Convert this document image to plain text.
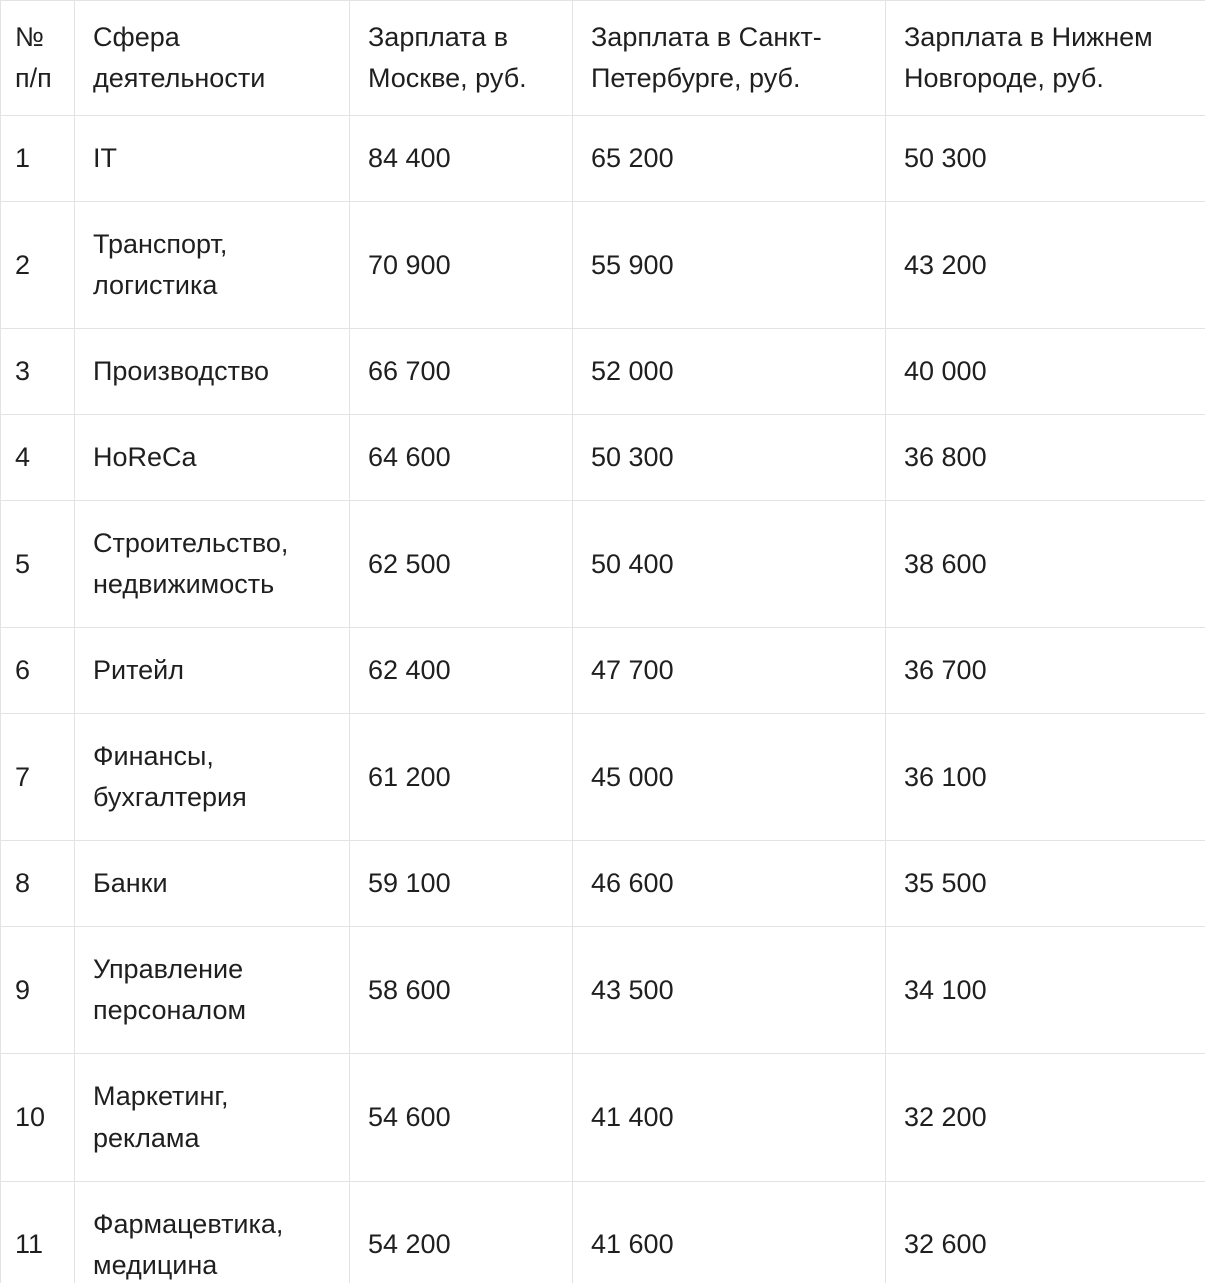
№ п/п	Сфера деятельности	Зарплата в Москве, руб.	Зарплата в Санкт-Петербурге, руб.	Зарплата в Нижнем Новгороде, руб.
1	IT	84 400	65 200	50 300
2	Транспорт, логистика	70 900	55 900	43 200
3	Производство	66 700	52 000	40 000
4	HoReCa	64 600	50 300	36 800
5	Строительство, недвижимость	62 500	50 400	38 600
6	Ритейл	62 400	47 700	36 700
7	Финансы, бухгалтерия	61 200	45 000	36 100
8	Банки	59 100	46 600	35 500
9	Управление персоналом	58 600	43 500	34 100
10	Маркетинг, реклама	54 600	41 400	32 200
11	Фармацевтика, медицина	54 200	41 600	32 600
